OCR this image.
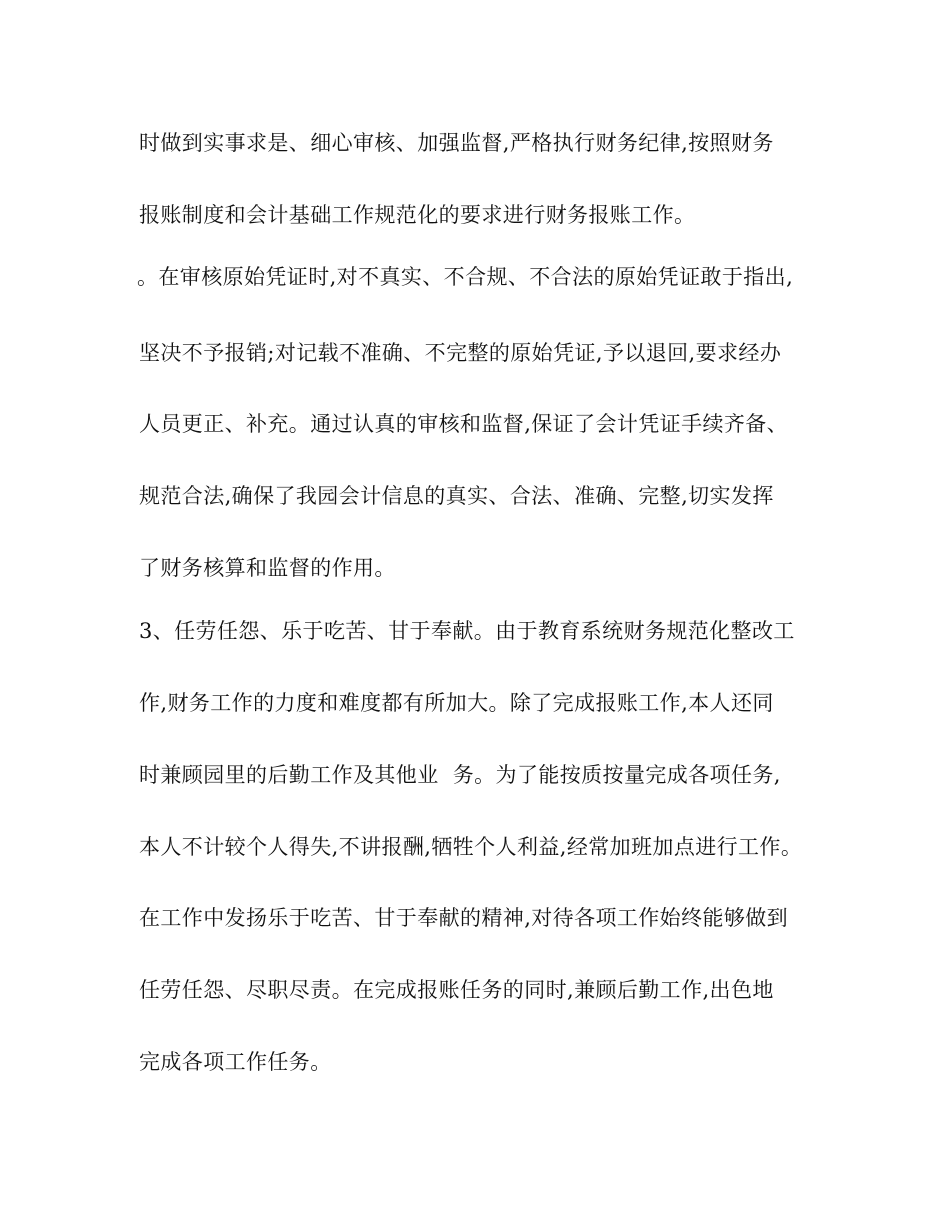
时做到实事求是、细心审核、加强监督,严格执行财务纪律,按照财务
报账制度和会计基础工作规范化的要求进行财务报账工作。
。在审核原始凭证时,对不真实、不合规、不合法的原始凭证敢于指出,
坚决不予报销;对记载不准确、不完整的原始凭证,予以退回,要求经办
人员更正、补充。通过认真的审核和监督,保证了会计凭证手续齐备、
规范合法,确保了我园会计信息的真实、合法、准确、完整,切实发挥
了财务核算和监督的作用。
3、任劳任怨、乐于吃苦、甘于奉献。由于教育系统财务规范化整改工
作,财务工作的力度和难度都有所加大。除了完成报账工作,本人还同
时兼顾园里的后勤工作及其他业  务。为了能按质按量完成各项任务,
本人不计较个人得失,不讲报酬,牺牲个人利益,经常加班加点进行工作。
在工作中发扬乐于吃苦、甘于奉献的精神,对待各项工作始终能够做到
任劳任怨、尽职尽责。在完成报账任务的同时,兼顾后勤工作,出色地
完成各项工作任务。
